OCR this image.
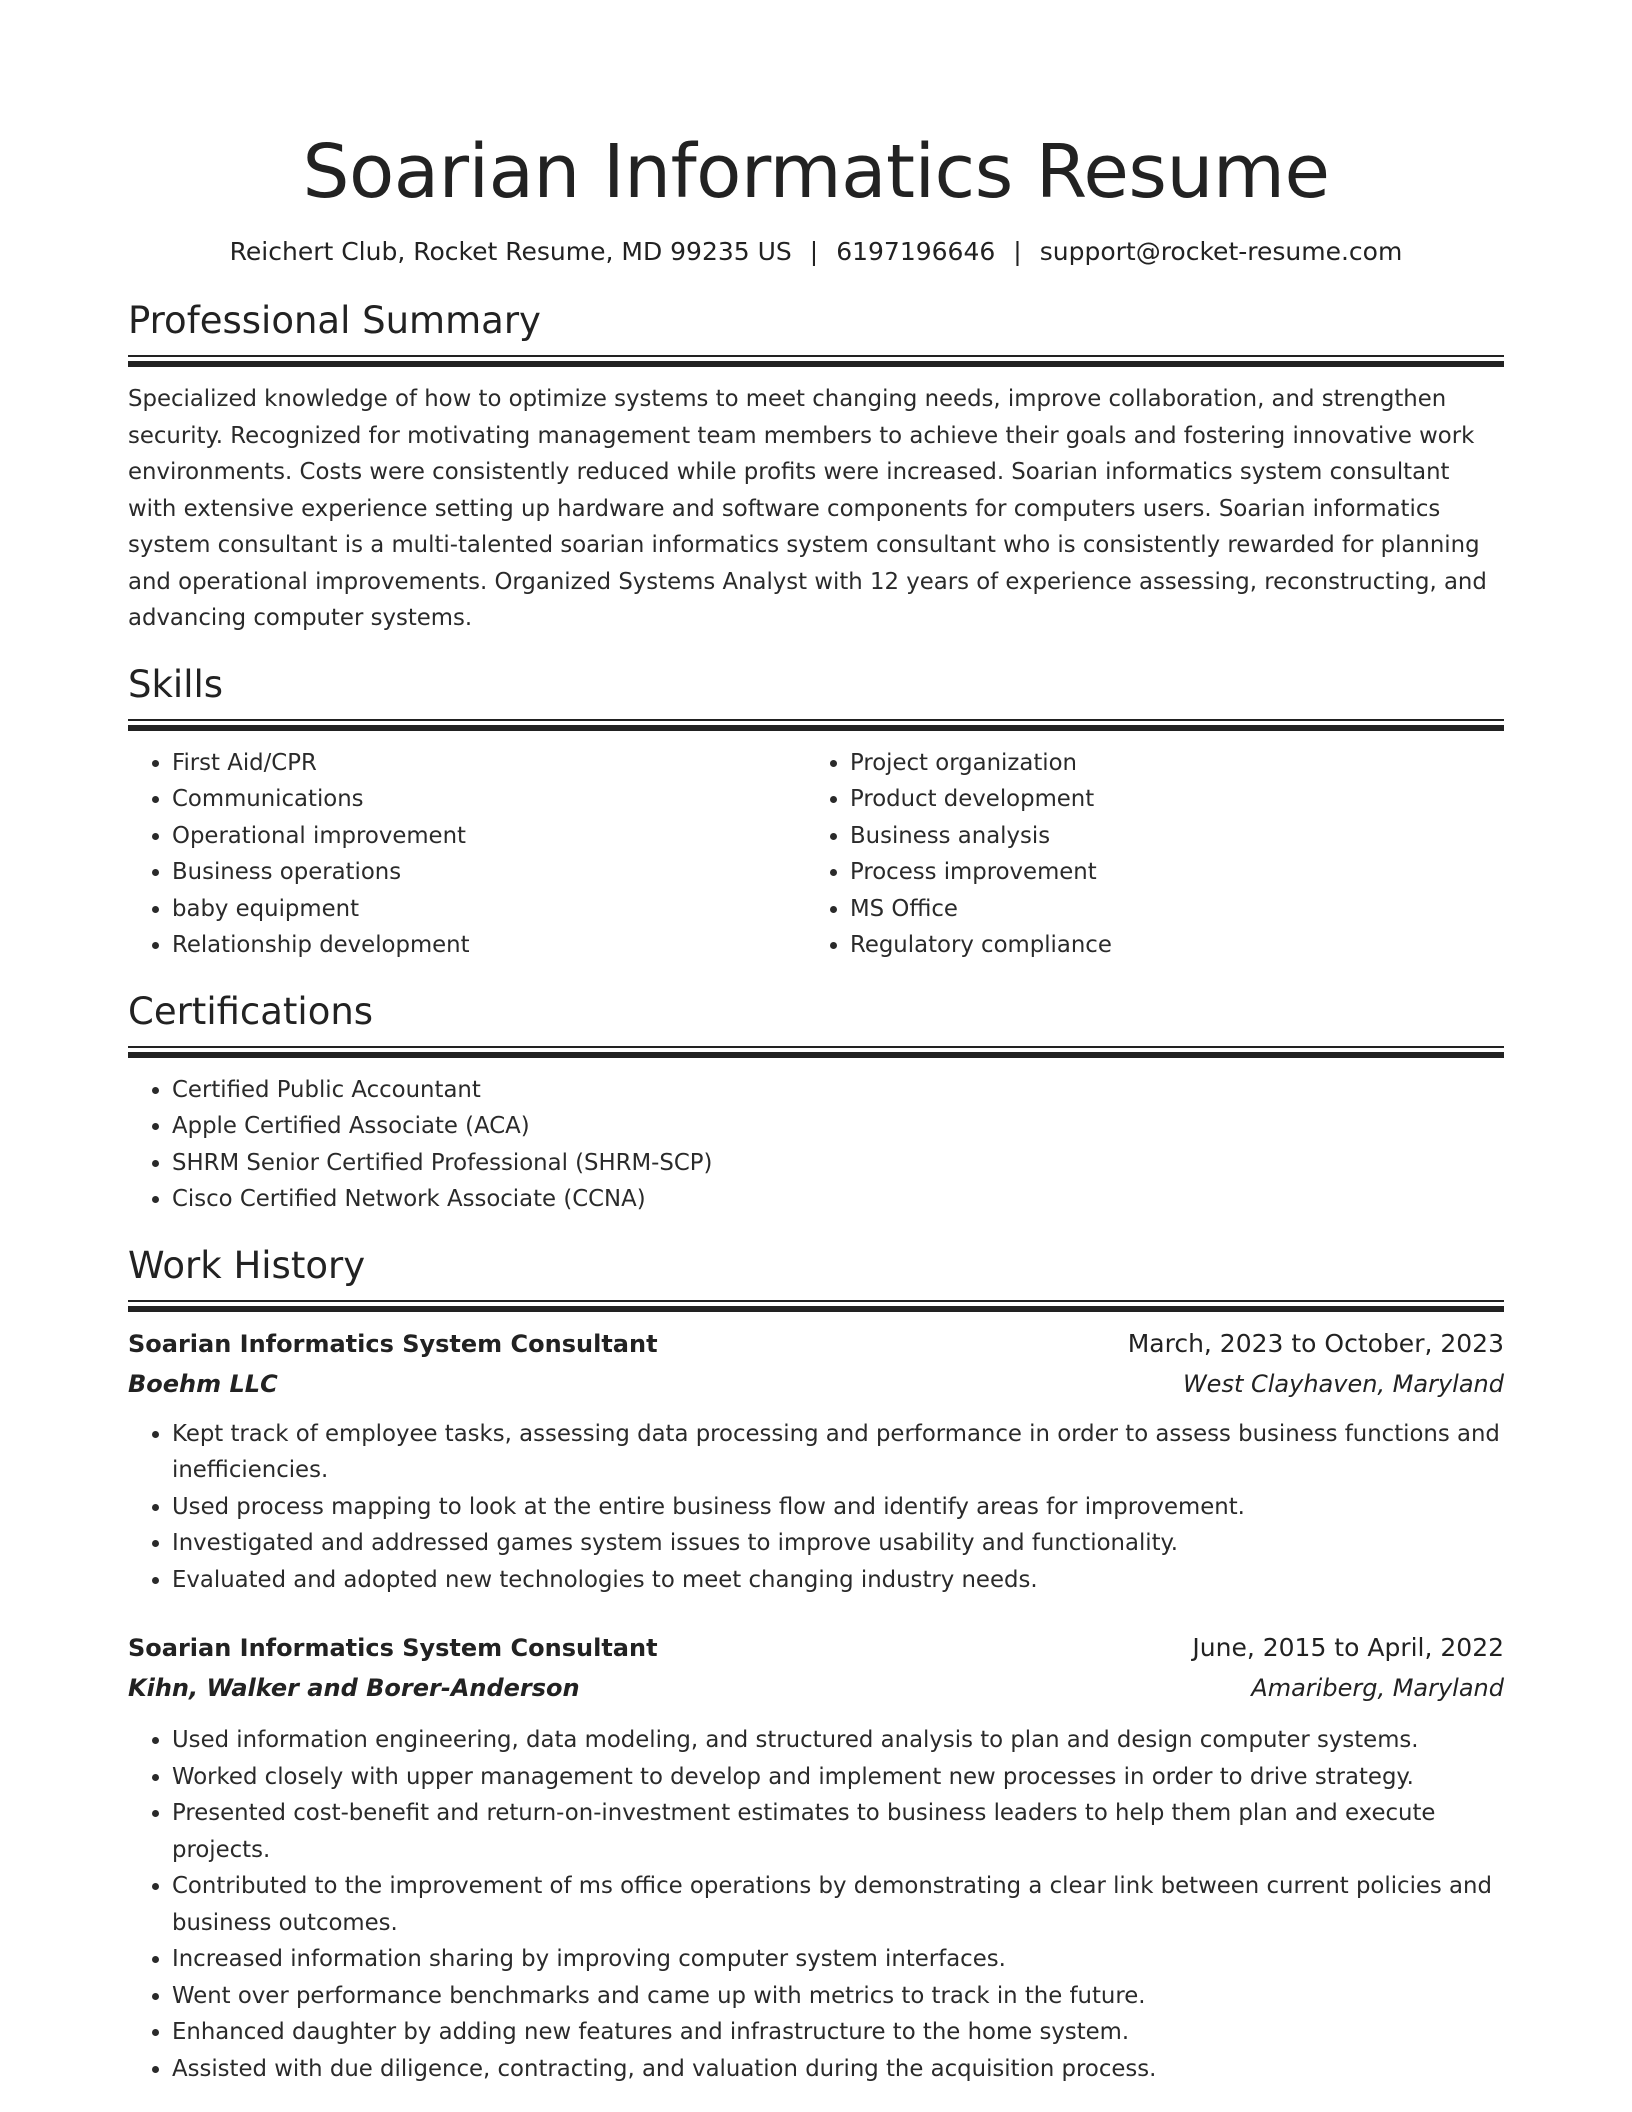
Soarian Informatics Resume
Reichert Club, Rocket Resume, MD 99235 US | 6197196646 | support@rocket-resume.com
Professional Summary
Specialized knowledge of how to optimize systems to meet changing needs, improve collaboration, and strengthen security. Recognized for motivating management team members to achieve their goals and fostering innovative work environments. Costs were consistently reduced while profits were increased. Soarian informatics system consultant with extensive experience setting up hardware and software components for computers users. Soarian informatics system consultant is a multi-talented soarian informatics system consultant who is consistently rewarded for planning and operational improvements. Organized Systems Analyst with 12 years of experience assessing, reconstructing, and advancing computer systems.
Skills
• First Aid/CPR
• Communications
• Operational improvement
• Business operations
• baby equipment
• Relationship development
• Project organization
• Product development
• Business analysis
• Process improvement
• MS Office
• Regulatory compliance
Certifications
• Certified Public Accountant
• Apple Certified Associate (ACA)
• SHRM Senior Certified Professional (SHRM-SCP)
• Cisco Certified Network Associate (CCNA)
Work History
Soarian Informatics System Consultant	March, 2023 to October, 2023
Boehm LLC	West Clayhaven, Maryland
• Kept track of employee tasks, assessing data processing and performance in order to assess business functions and inefficiencies.
• Used process mapping to look at the entire business flow and identify areas for improvement.
• Investigated and addressed games system issues to improve usability and functionality.
• Evaluated and adopted new technologies to meet changing industry needs.
Soarian Informatics System Consultant	June, 2015 to April, 2022
Kihn, Walker and Borer-Anderson	Amariberg, Maryland
• Used information engineering, data modeling, and structured analysis to plan and design computer systems.
• Worked closely with upper management to develop and implement new processes in order to drive strategy.
• Presented cost-benefit and return-on-investment estimates to business leaders to help them plan and execute projects.
• Contributed to the improvement of ms office operations by demonstrating a clear link between current policies and business outcomes.
• Increased information sharing by improving computer system interfaces.
• Went over performance benchmarks and came up with metrics to track in the future.
• Enhanced daughter by adding new features and infrastructure to the home system.
• Assisted with due diligence, contracting, and valuation during the acquisition process.
